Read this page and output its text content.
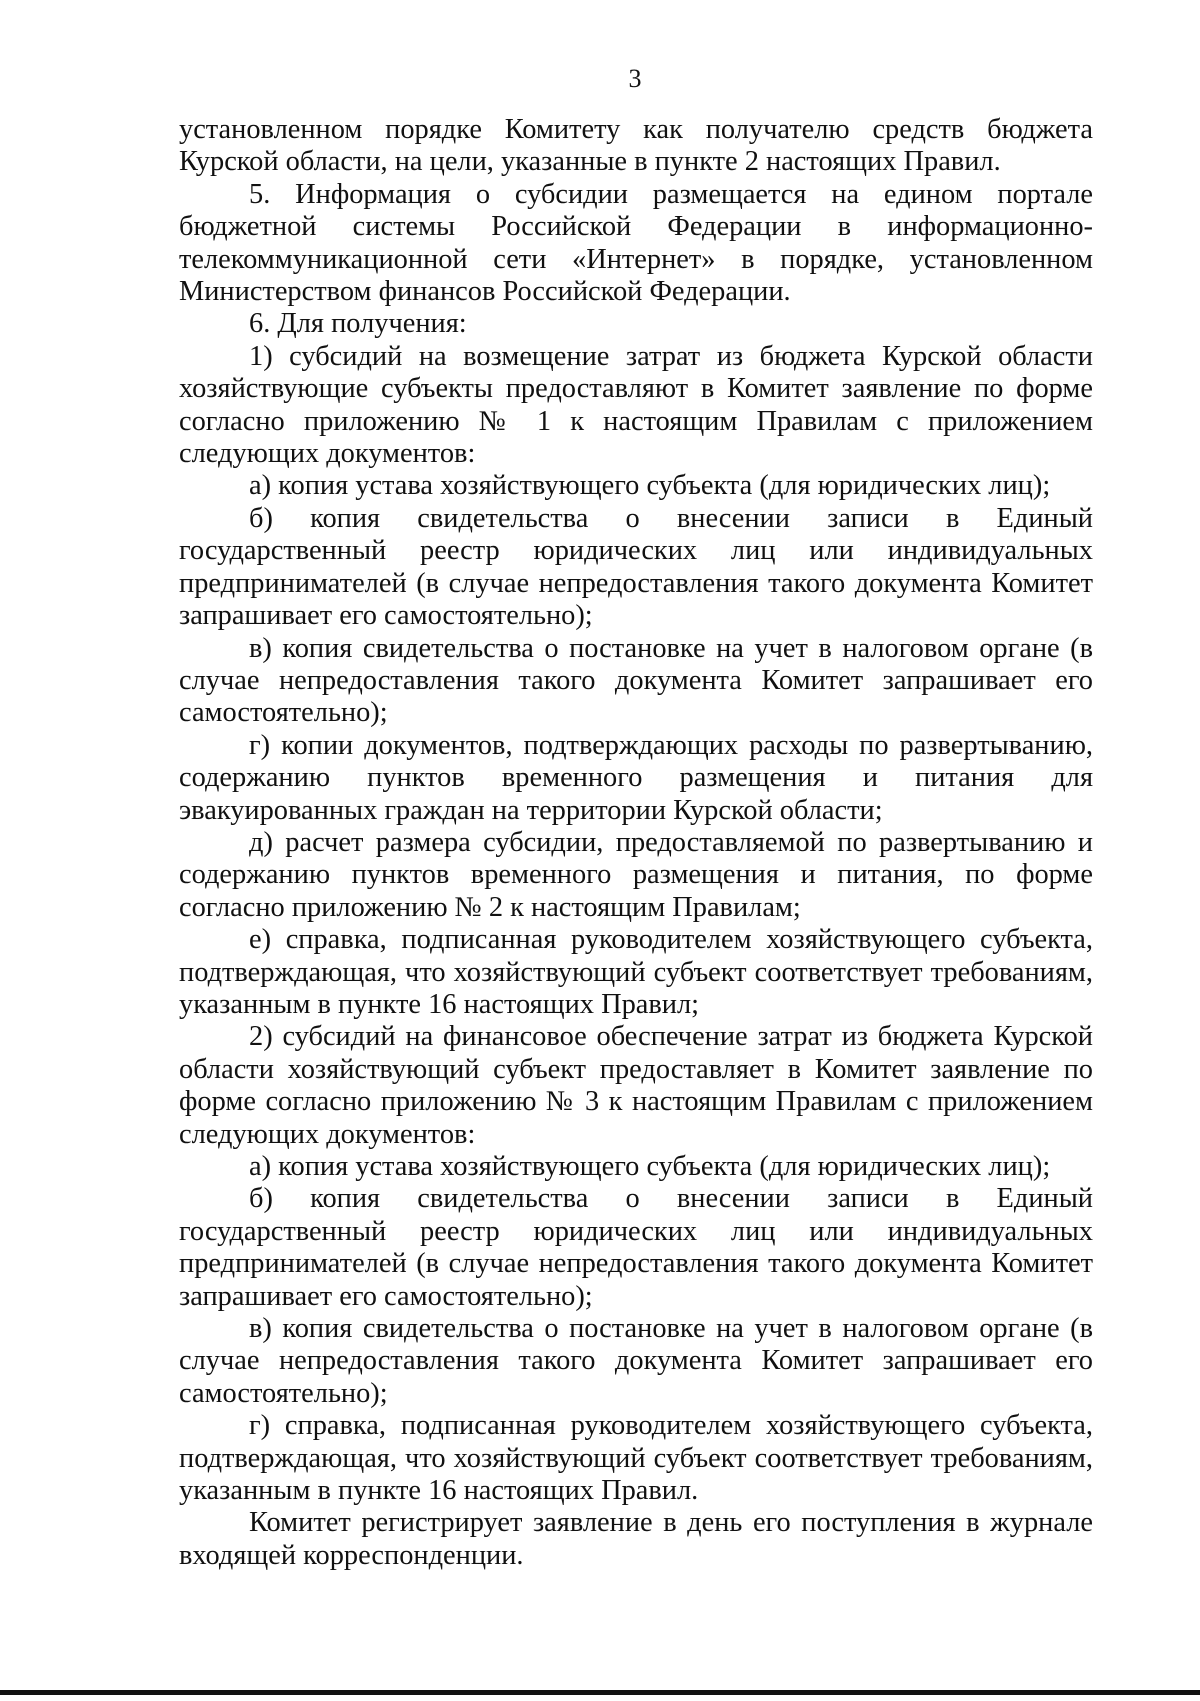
3

установленном порядке Комитету как получателю средств бюджета Курской области, на цели, указанные в пункте 2 настоящих Правил.

5. Информация о субсидии размещается на едином портале бюджетной системы Российской Федерации в информационно-телекоммуникационной сети «Интернет» в порядке, установленном Министерством финансов Российской Федерации.

6. Для получения:

1) субсидий на возмещение затрат из бюджета Курской области хозяйствующие субъекты предоставляют в Комитет заявление по форме согласно приложению № 1 к настоящим Правилам с приложением следующих документов:

а) копия устава хозяйствующего субъекта (для юридических лиц);

б) копия свидетельства о внесении записи в Единый государственный реестр юридических лиц или индивидуальных предпринимателей (в случае непредоставления такого документа Комитет запрашивает его самостоятельно);

в) копия свидетельства о постановке на учет в налоговом органе (в случае непредоставления такого документа Комитет запрашивает его самостоятельно);

г) копии документов, подтверждающих расходы по развертыванию, содержанию пунктов временного размещения и питания для эвакуированных граждан на территории Курской области;

д) расчет размера субсидии, предоставляемой по развертыванию и содержанию пунктов временного размещения и питания, по форме согласно приложению № 2 к настоящим Правилам;

е) справка, подписанная руководителем хозяйствующего субъекта, подтверждающая, что хозяйствующий субъект соответствует требованиям, указанным в пункте 16 настоящих Правил;

2) субсидий на финансовое обеспечение затрат из бюджета Курской области хозяйствующий субъект предоставляет в Комитет заявление по форме согласно приложению № 3 к настоящим Правилам с приложением следующих документов:

а) копия устава хозяйствующего субъекта (для юридических лиц);

б) копия свидетельства о внесении записи в Единый государственный реестр юридических лиц или индивидуальных предпринимателей (в случае непредоставления такого документа Комитет запрашивает его самостоятельно);

в) копия свидетельства о постановке на учет в налоговом органе (в случае непредоставления такого документа Комитет запрашивает его самостоятельно);

г) справка, подписанная руководителем хозяйствующего субъекта, подтверждающая, что хозяйствующий субъект соответствует требованиям, указанным в пункте 16 настоящих Правил.

Комитет регистрирует заявление в день его поступления в журнале входящей корреспонденции.
